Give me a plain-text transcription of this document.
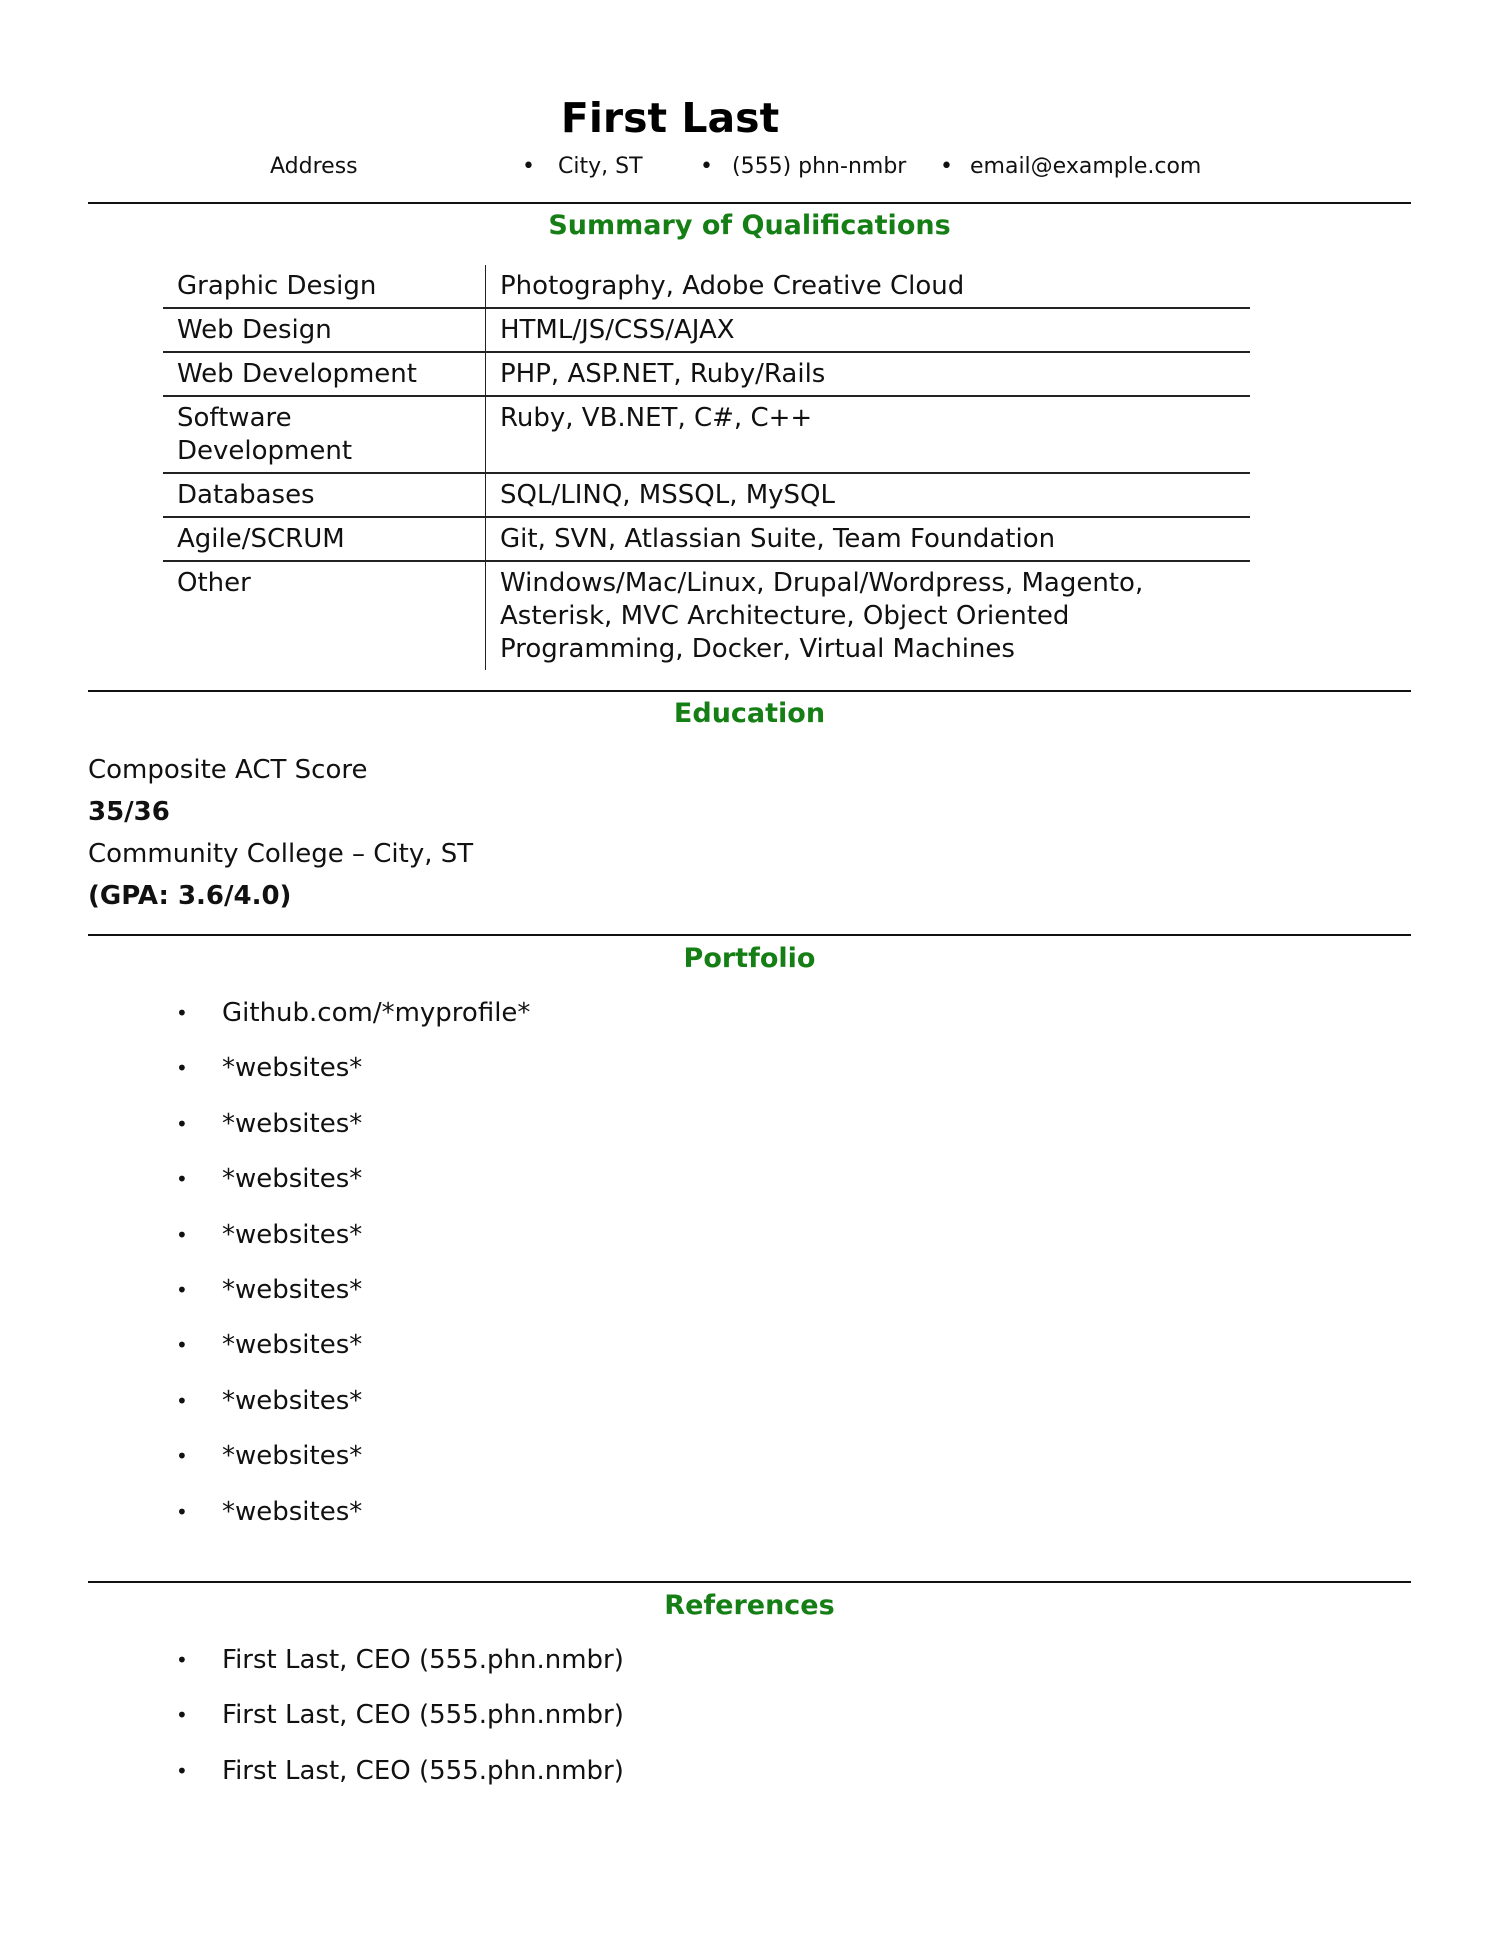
First Last
Address	• City, ST	• (555) phn-nmbr • email@example.com
Summary of Qualifications
Graphic Design	Photography, Adobe Creative Cloud
Web Design	HTML/JS/CSS/AJAX
Web Development	PHP, ASP.NET, Ruby/Rails
Software Development	Ruby, VB.NET, C#, C++
Databases	SQL/LINQ, MSSQL, MySQL
Agile/SCRUM	Git, SVN, Atlassian Suite, Team Foundation
Other	Windows/Mac/Linux, Drupal/Wordpress, Magento, Asterisk, MVC Architecture, Object Oriented Programming, Docker, Virtual Machines
Education
Composite ACT Score
35/36
Community College – City, ST
(GPA: 3.6/4.0)
Portfolio
• Github.com/*myprofile*
• *websites*
• *websites*
• *websites*
• *websites*
• *websites*
• *websites*
• *websites*
• *websites*
• *websites*
References
• First Last, CEO (555.phn.nmbr)
• First Last, CEO (555.phn.nmbr)
• First Last, CEO (555.phn.nmbr)
